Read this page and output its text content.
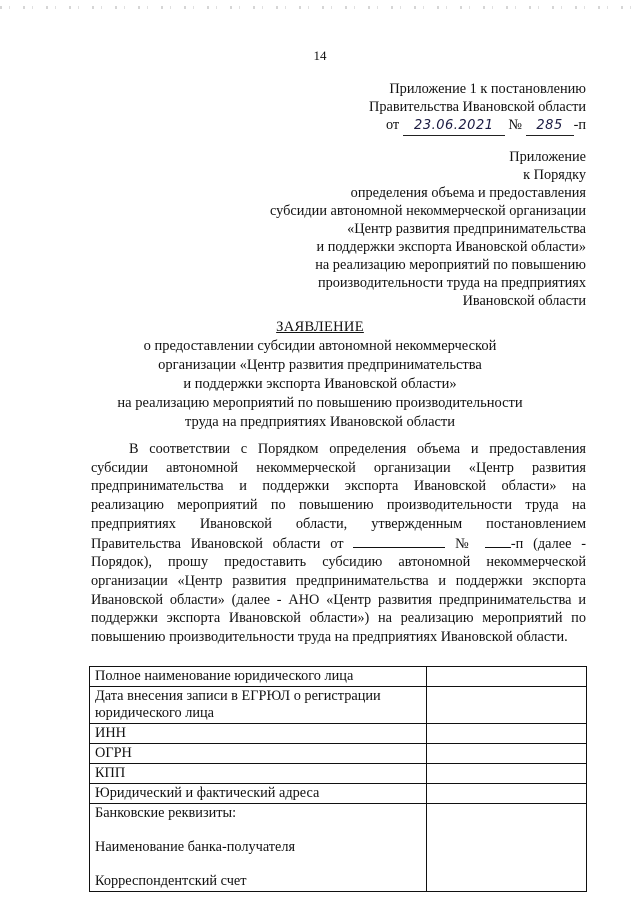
14
Приложение 1 к постановлению
Правительства Ивановской области
от 23.06.2021 № 285 -п
Приложение
к Порядку
определения объема и предоставления
субсидии автономной некоммерческой организации
«Центр развития предпринимательства
и поддержки экспорта Ивановской области»
на реализацию мероприятий по повышению
производительности труда на предприятиях
Ивановской области
ЗАЯВЛЕНИЕ
о предоставлении субсидии автономной некоммерческой
организации «Центр развития предпринимательства
и поддержки экспорта Ивановской области»
на реализацию мероприятий по повышению производительности
труда на предприятиях Ивановской области

В соответствии с Порядком определения объема и предоставления субсидии автономной некоммерческой организации «Центр развития предпринимательства и поддержки экспорта Ивановской области» на реализацию мероприятий по повышению производительности труда на предприятиях Ивановской области, утвержденным постановлением Правительства Ивановской области от	№	-п (далее - Порядок), прошу предоставить субсидию автономной некоммерческой организации «Центр развития предпринимательства и поддержки экспорта Ивановской области» (далее - АНО «Центр развития предпринимательства и поддержки экспорта Ивановской области») на реализацию мероприятий по повышению производительности труда на предприятиях Ивановской области.

Полное наименование юридического лица	
Дата внесения записи в ЕГРЮЛ о регистрации юридического лица	
ИНН	
ОГРН	
КПП	
Юридический и фактический адреса	

Банковские реквизиты:
Наименование банка-получателя
Корреспондентский счет	
